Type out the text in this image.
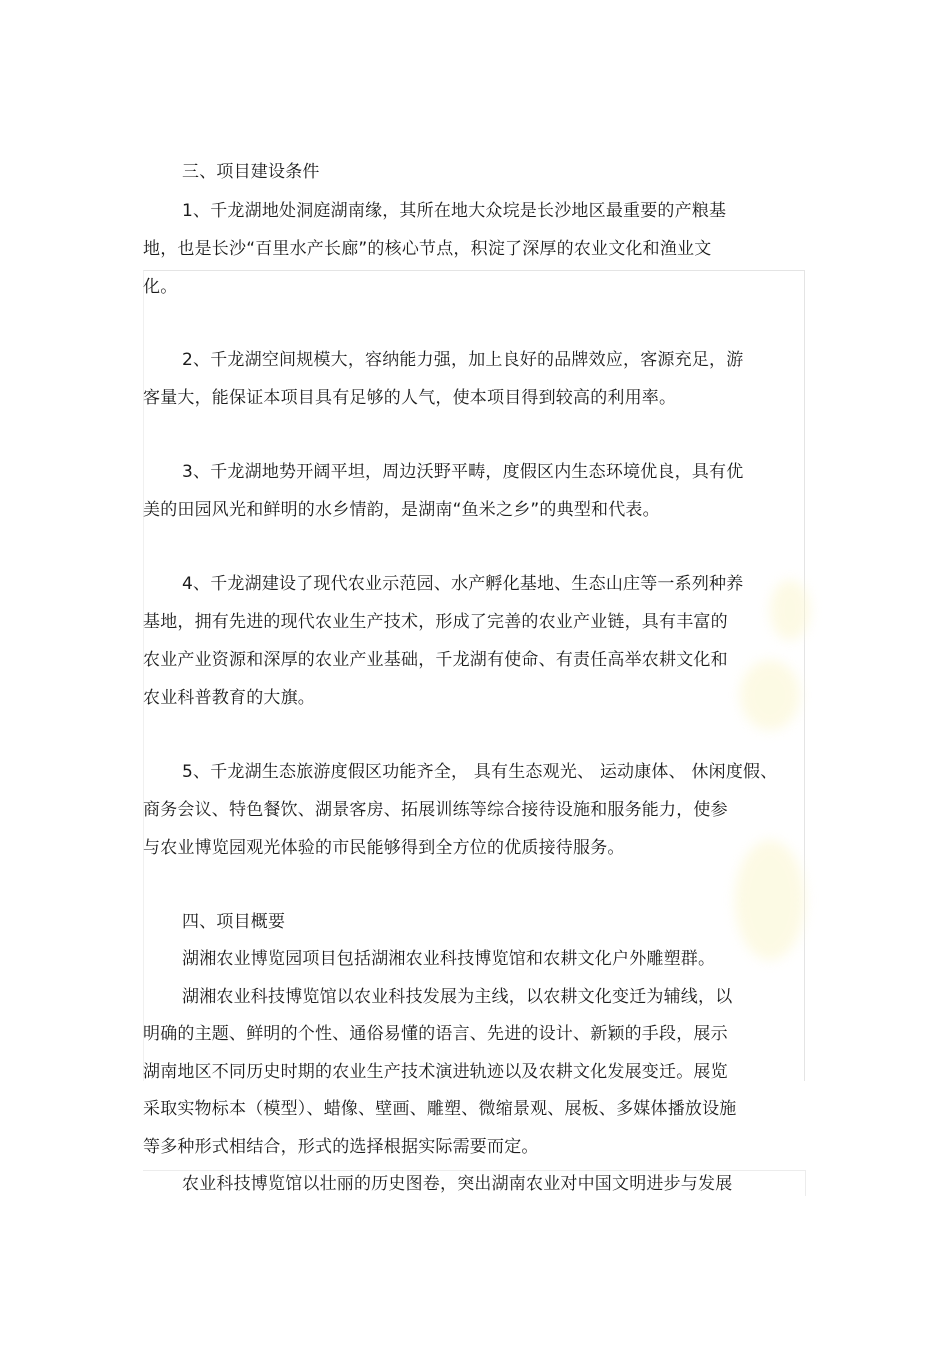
三、项目建设条件
1、千龙湖地处洞庭湖南缘，其所在地大众垸是长沙地区最重要的产粮基
地，也是长沙“百里水产长廊”的核心节点，积淀了深厚的农业文化和渔业文
化。
2、千龙湖空间规模大，容纳能力强，加上良好的品牌效应，客源充足，游
客量大，能保证本项目具有足够的人气，使本项目得到较高的利用率。
3、千龙湖地势开阔平坦，周边沃野平畴，度假区内生态环境优良，具有优
美的田园风光和鲜明的水乡情韵，是湖南“鱼米之乡”的典型和代表。
4、千龙湖建设了现代农业示范园、水产孵化基地、生态山庄等一系列种养
基地，拥有先进的现代农业生产技术，形成了完善的农业产业链，具有丰富的
农业产业资源和深厚的农业产业基础，千龙湖有使命、有责任高举农耕文化和
农业科普教育的大旗。
5、千龙湖生态旅游度假区功能齐全， 具有生态观光、 运动康体、 休闲度假、
商务会议、特色餐饮、湖景客房、拓展训练等综合接待设施和服务能力，使参
与农业博览园观光体验的市民能够得到全方位的优质接待服务。
四、项目概要
湖湘农业博览园项目包括湖湘农业科技博览馆和农耕文化户外雕塑群。
湖湘农业科技博览馆以农业科技发展为主线，以农耕文化变迁为辅线，以
明确的主题、鲜明的个性、通俗易懂的语言、先进的设计、新颖的手段，展示
湖南地区不同历史时期的农业生产技术演进轨迹以及农耕文化发展变迁。展览
采取实物标本（模型）、蜡像、壁画、雕塑、微缩景观、展板、多媒体播放设施
等多种形式相结合，形式的选择根据实际需要而定。
农业科技博览馆以壮丽的历史图卷，突出湖南农业对中国文明进步与发展
